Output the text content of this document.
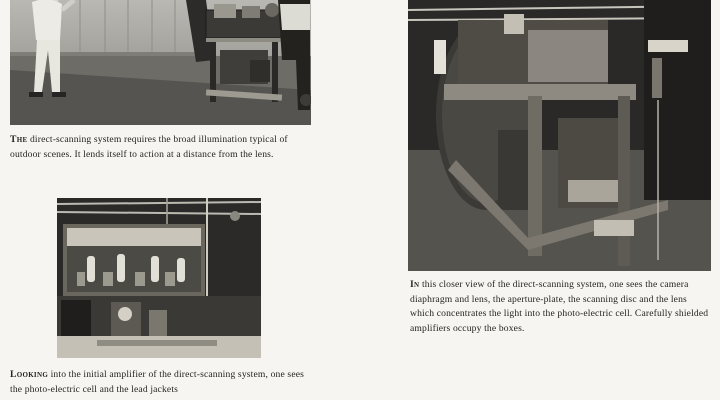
The direct-scanning system requires the broad illumination typical of outdoor scenes. It lends itself to action at a distance from the lens.
In this closer view of the direct-scanning system, one sees the camera diaphragm and lens, the aperture-plate, the scanning disc and the lens which concentrates the light into the photo-electric cell. Carefully shielded amplifiers occupy the boxes.
Looking into the initial amplifier of the direct-scanning system, one sees the photo-electric cell and the lead jackets
